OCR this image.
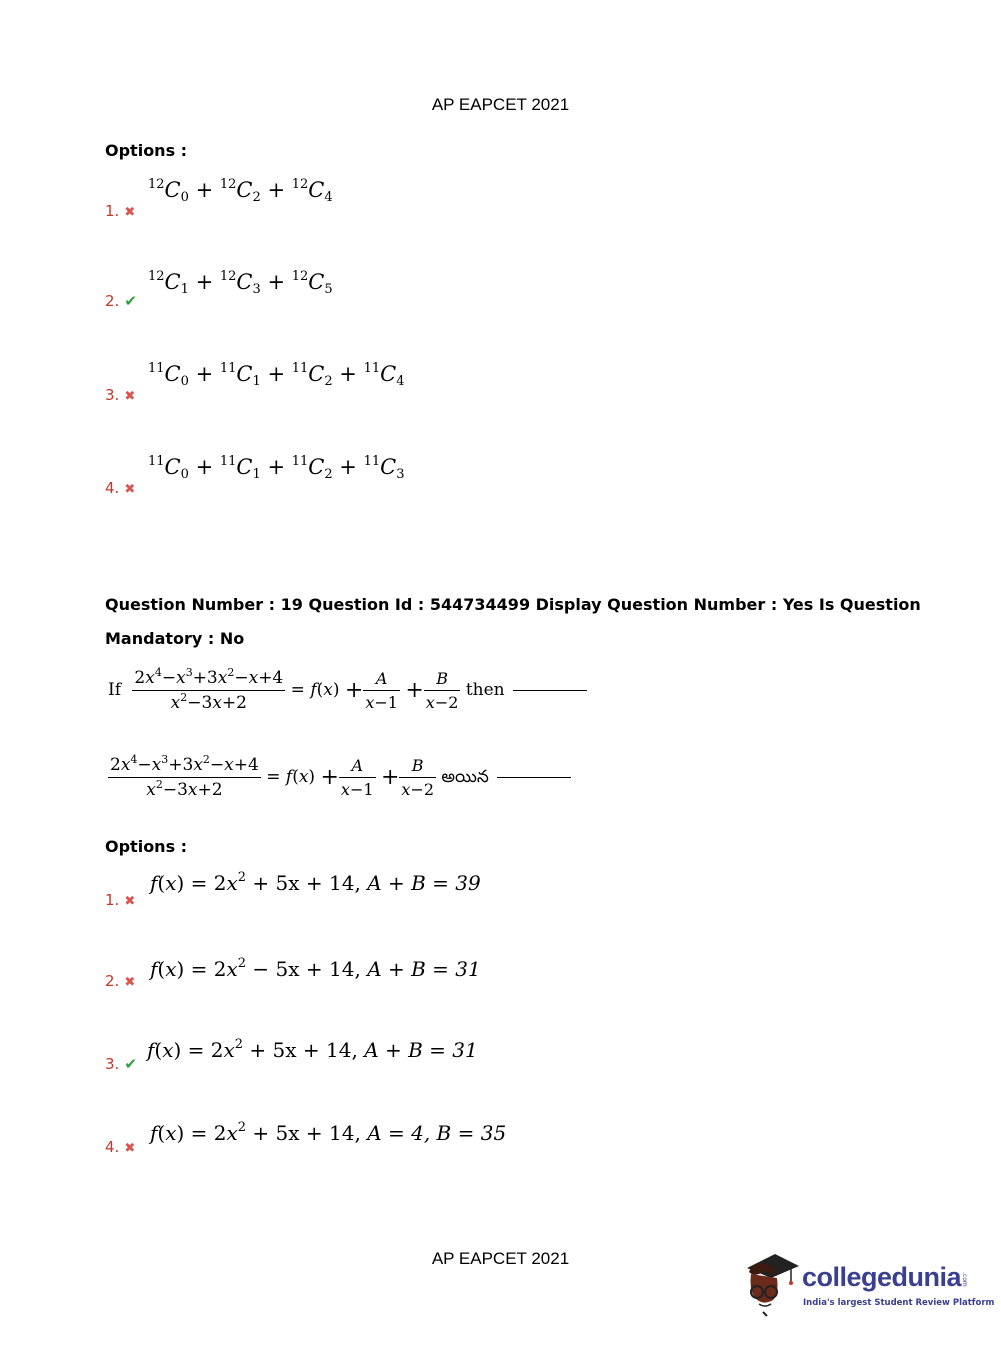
AP EAPCET 2021
Options :
1. ✖
$^{12}C_0 + ^{12}C_2 + ^{12}C_4$
2. ✔
$^{12}C_1 + ^{12}C_3 + ^{12}C_5$
3. ✖
$^{11}C_0 + ^{11}C_1 + ^{11}C_2 + ^{11}C_4$
4. ✖
$^{11}C_0 + ^{11}C_1 + ^{11}C_2 + ^{11}C_3$
Question Number : 19 Question Id : 544734499 Display Question Number : Yes Is Question
Mandatory : No
If $\frac{2x^4-x^3+3x^2-x+4}{x^2-3x+2} = f(x) + \frac{A}{x-1} + \frac{B}{x-2}$ then
$\frac{2x^4-x^3+3x^2-x+4}{x^2-3x+2} = f(x) + \frac{A}{x-1} + \frac{B}{x-2}$ అయిన
Options :
1. ✖
$f(x) = 2x^2 + 5x + 14$, A + B = 39
2. ✖
$f(x) = 2x^2 - 5x + 14$, A + B = 31
3. ✔
$f(x) = 2x^2 + 5x + 14$, A + B = 31
4. ✖
$f(x) = 2x^2 + 5x + 14$, A = 4, B = 35
AP EAPCET 2021
collegedunia .com
India's largest Student Review Platform
